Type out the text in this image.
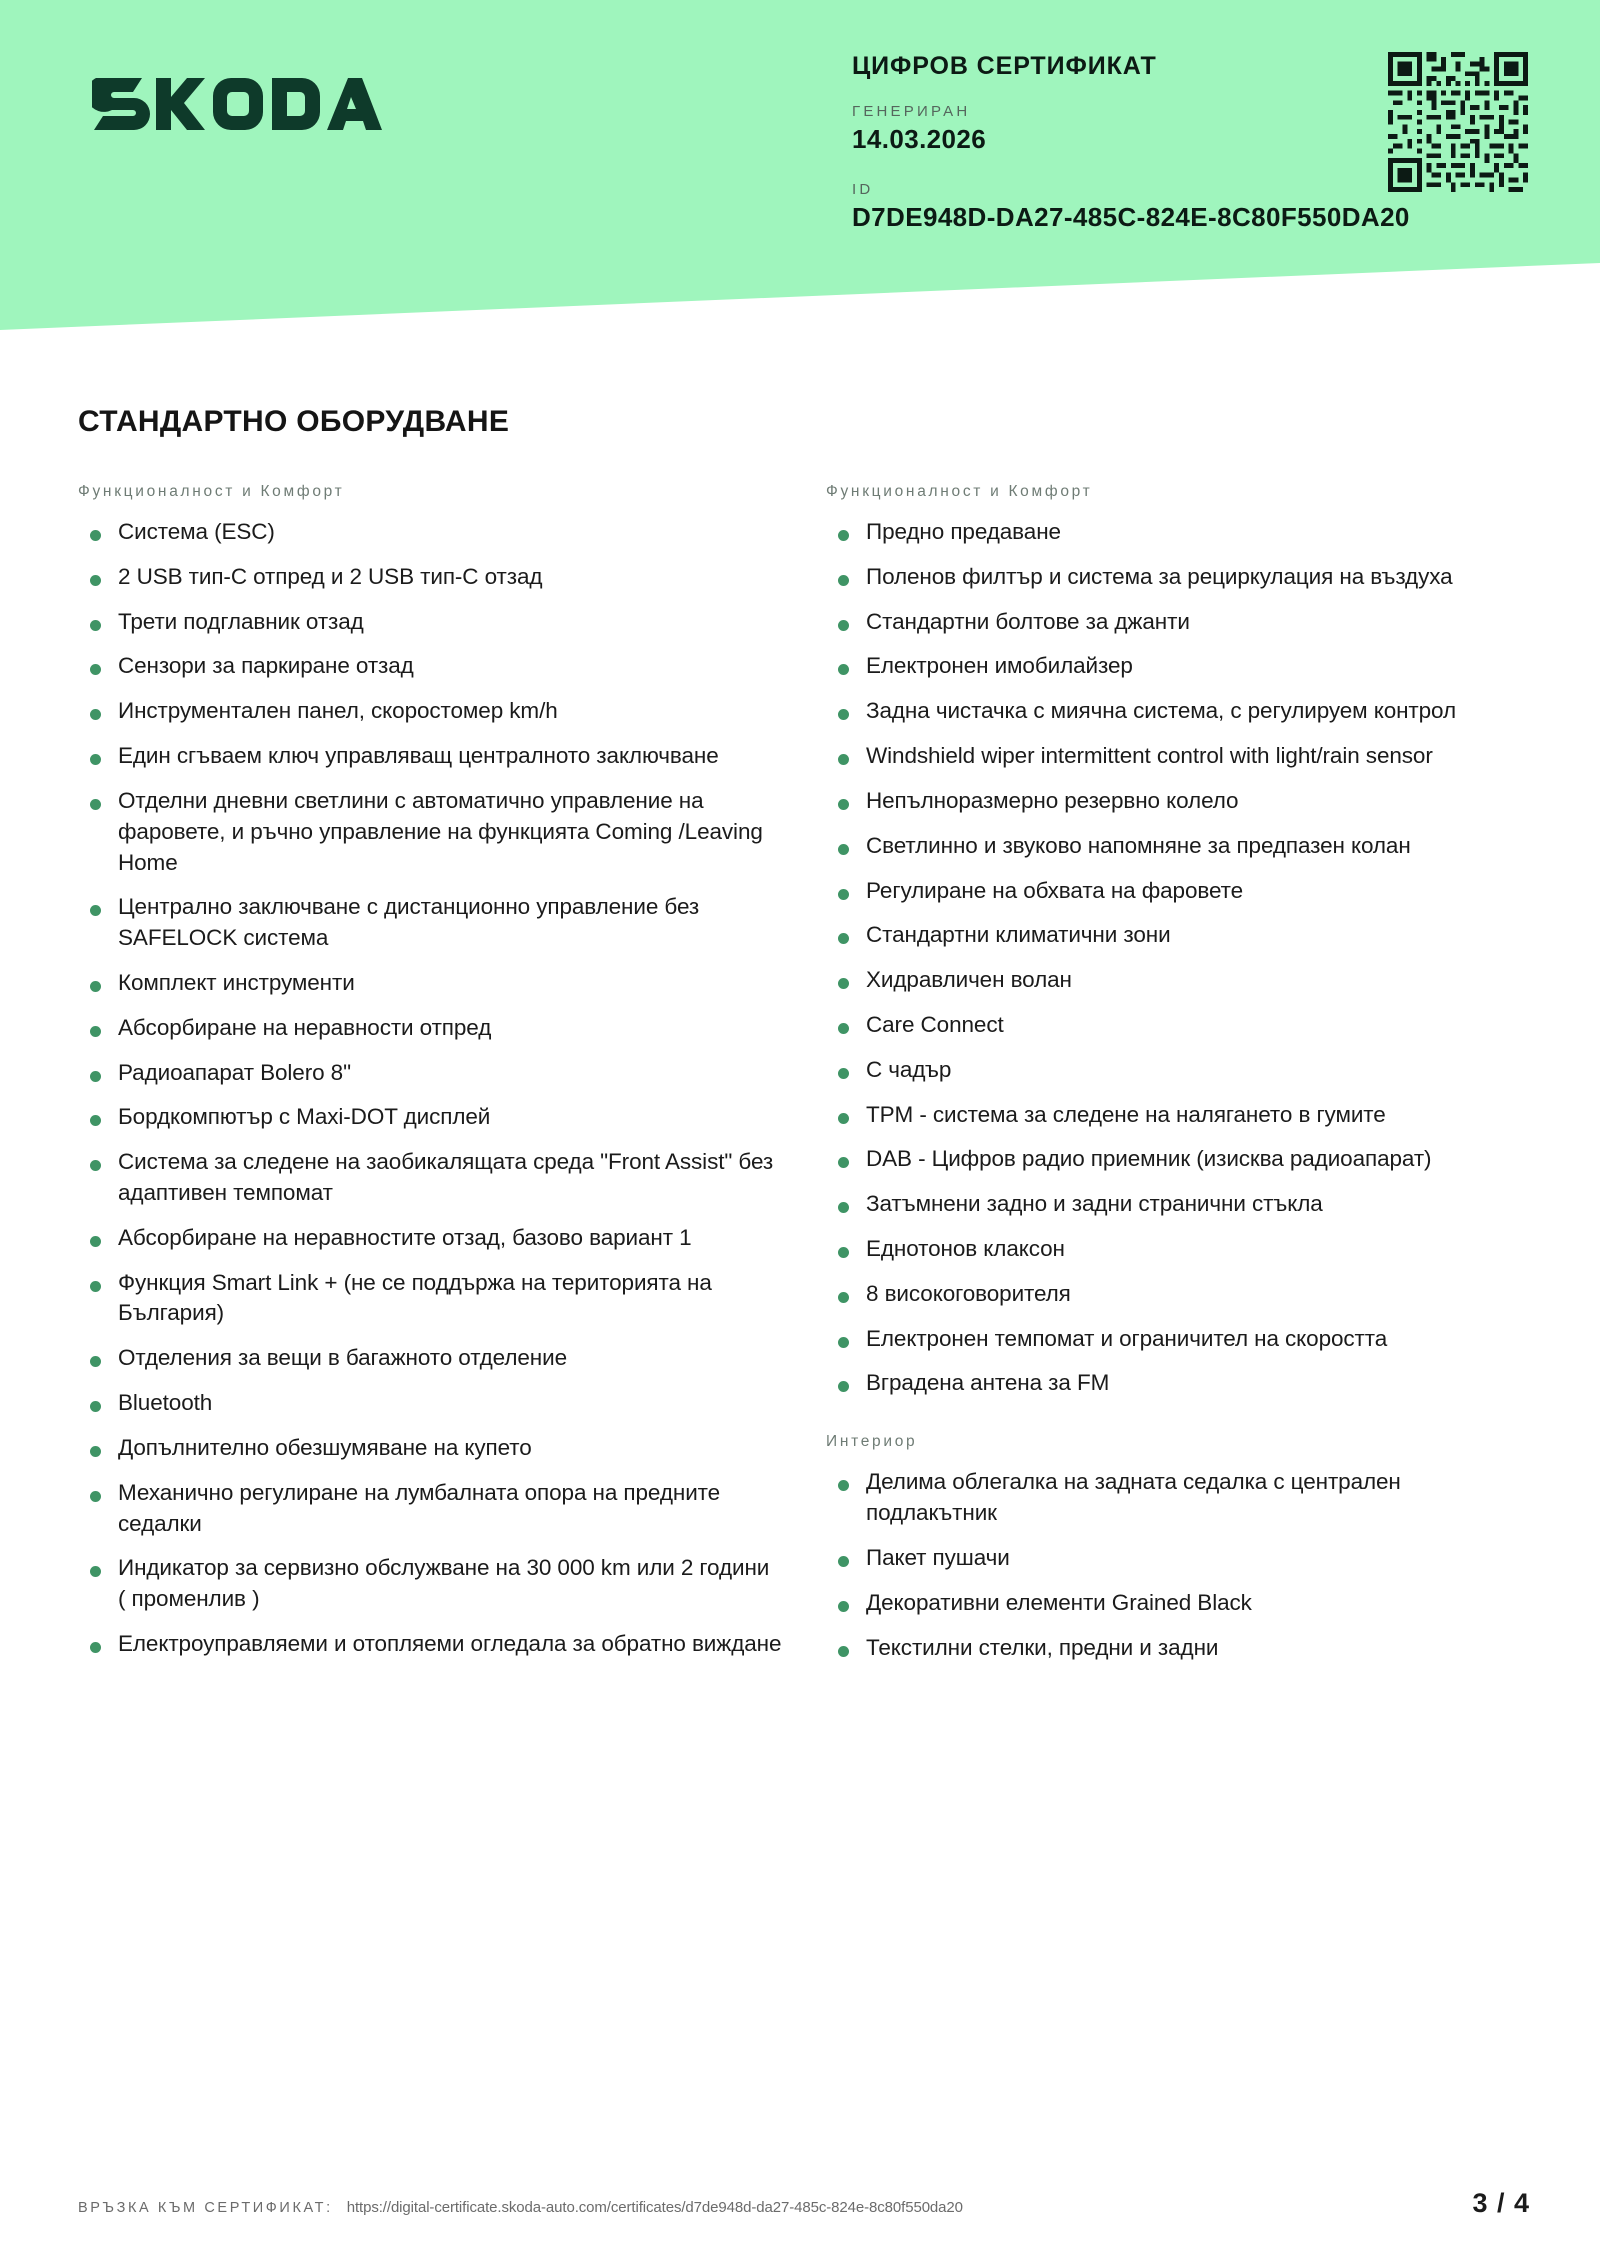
ЦИФРОВ СЕРТИФИКАТ
ГЕНЕРИРАН
14.03.2026
ID
D7DE948D-DA27-485C-824E-8C80F550DA20
СТАНДАРТНО ОБОРУДВАНЕ
Функционалност и Комфорт
Система (ESC)
2 USB тип-С отпред и 2 USB тип-С отзад
Трети подглавник отзад
Сензори за паркиране отзад
Инструментален панел, скоростомер km/h
Един сгъваем ключ управляващ централното заключване
Отделни дневни светлини с автоматично управление на фаровете, и ръчно управление на функцията Coming /Leaving Home
Централно заключване с дистанционно управление без SAFELOCK система
Комплект инструменти
Абсорбиране на неравности отпред
Радиоапарат Bolero 8"
Бордкомпютър с Maxi-DOT дисплей
Система за следене на заобикалящата среда "Front Assist" без адаптивен темпомат
Абсорбиране на неравностите отзад, базово вариант 1
Функция Smart Link + (не се поддържа на територията на България)
Отделения за вещи в багажното отделение
Bluetooth
Допълнително обезшумяване на купето
Механично регулиране на лумбалната опора на предните седалки
Индикатор за сервизно обслужване на 30 000 km или 2 години ( променлив )
Електроуправляеми и отопляеми огледала за обратно виждане
Функционалност и Комфорт
Предно предаване
Поленов филтър и система за рециркулация на въздуха
Стандартни болтове за джанти
Електронен имобилайзер
Задна чистачка с миячна система, с регулируем контрол
Windshield wiper intermittent control with light/rain sensor
Непълноразмерно резервно колело
Светлинно и звуково напомняне за предпазен колан
Регулиране на обхвата на фаровете
Стандартни климатични зони
Хидравличен волан
Care Connect
С чадър
TPM - система за следене на налягането в гумите
DAB - Цифров радио приемник (изисква радиоапарат)
Затъмнени задно и задни странични стъкла
Еднотонов клаксон
8 високоговорителя
Електронен темпомат и ограничител на скоростта
Вградена антена за FM
Интериор
Делима облегалка на задната седалка с централен подлакътник
Пакет пушачи
Декоративни елементи Grained Black
Текстилни стелки, предни и задни
ВРЪЗКА КЪМ СЕРТИФИКАТ: https://digital-certificate.skoda-auto.com/certificates/d7de948d-da27-485c-824e-8c80f550da20	3 / 4
